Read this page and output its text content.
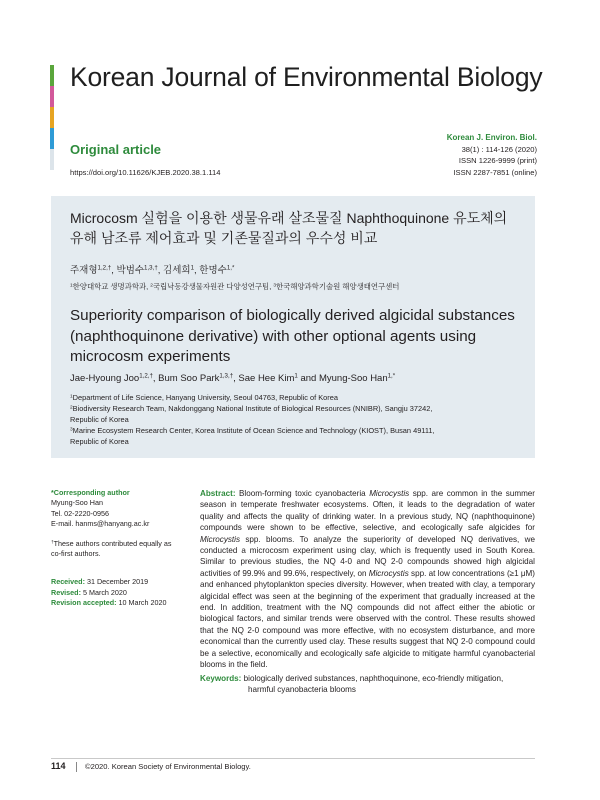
Korean Journal of Environmental Biology
Original article
https://doi.org/10.11626/KJEB.2020.38.1.114
Korean J. Environ. Biol.
38(1) : 114-126 (2020)
ISSN 1226-9999 (print)
ISSN 2287-7851 (online)
Microcosm 실험을 이용한 생물유래 살조물질 Naphthoquinone 유도체의
유해 남조류 제어효과 및 기존물질과의 우수성 비교
주재형$^{1,2,\dagger}$, 박범수$^{1,3,\dagger}$, 김세희$^1$, 한명수$^{1,*}$
$^1$한양대학교 생명과학과, $^2$국립낙동강생물자원관 다양성연구팀, $^3$한국해양과학기술원 해양생태연구센터
Superiority comparison of biologically derived algicidal substances
(naphthoquinone derivative) with other optional agents using
microcosm experiments
Jae-Hyoung Joo$^{1,2,\dagger}$, Bum Soo Park$^{1,3,\dagger}$, Sae Hee Kim$^1$ and Myung-Soo Han$^{1,*}$
$^1$Department of Life Science, Hanyang University, Seoul 04763, Republic of Korea
$^2$Biodiversity Research Team, Nakdonggang National Institute of Biological Resources (NNIBR), Sangju 37242,
Republic of Korea
$^3$Marine Ecosystem Research Center, Korea Institute of Ocean Science and Technology (KIOST), Busan 49111,
Republic of Korea
*Corresponding author
Myung-Soo Han
Tel. 02-2220-0956
E-mail. hanms@hanyang.ac.kr
†These authors contributed equally as
co-first authors.
Received: 31 December 2019
Revised: 5 March 2020
Revision accepted: 10 March 2020
Abstract: Bloom-forming toxic cyanobacteria Microcystis spp. are common in the summer season in temperate freshwater ecosystems. Often, it leads to the degradation of water quality and affects the quality of drinking water. In a previous study, NQ (naphthoquinone) compounds were shown to be effective, selective, and ecologically safe algicides for Microcystis spp. blooms. To analyze the superiority of developed NQ derivatives, we conducted a microcosm experiment using clay, which is frequently used in South Korea. Similar to previous studies, the NQ 4-0 and NQ 2-0 compounds showed high algicidal activities of 99.9% and 99.6%, respectively, on Microcystis spp. at low concentrations (≥1 μM) and enhanced phytoplankton species diversity. However, when treated with clay, a temporary algicidal effect was seen at the beginning of the experiment that gradually increased at the end. In addition, treatment with the NQ compounds did not affect either the abiotic or biological factors, and similar trends were observed with the control. These results showed that the NQ 2-0 compound was more effective, with no ecosystem disturbance, and more economical than the currently used clay. These results suggest that NQ 2-0 compound could be a selective, economically and ecologically safe algicide to mitigate harmful cyanobacterial blooms in the field.
Keywords: biologically derived substances, naphthoquinone, eco-friendly mitigation,
harmful cyanobacteria blooms
114	©2020. Korean Society of Environmental Biology.
